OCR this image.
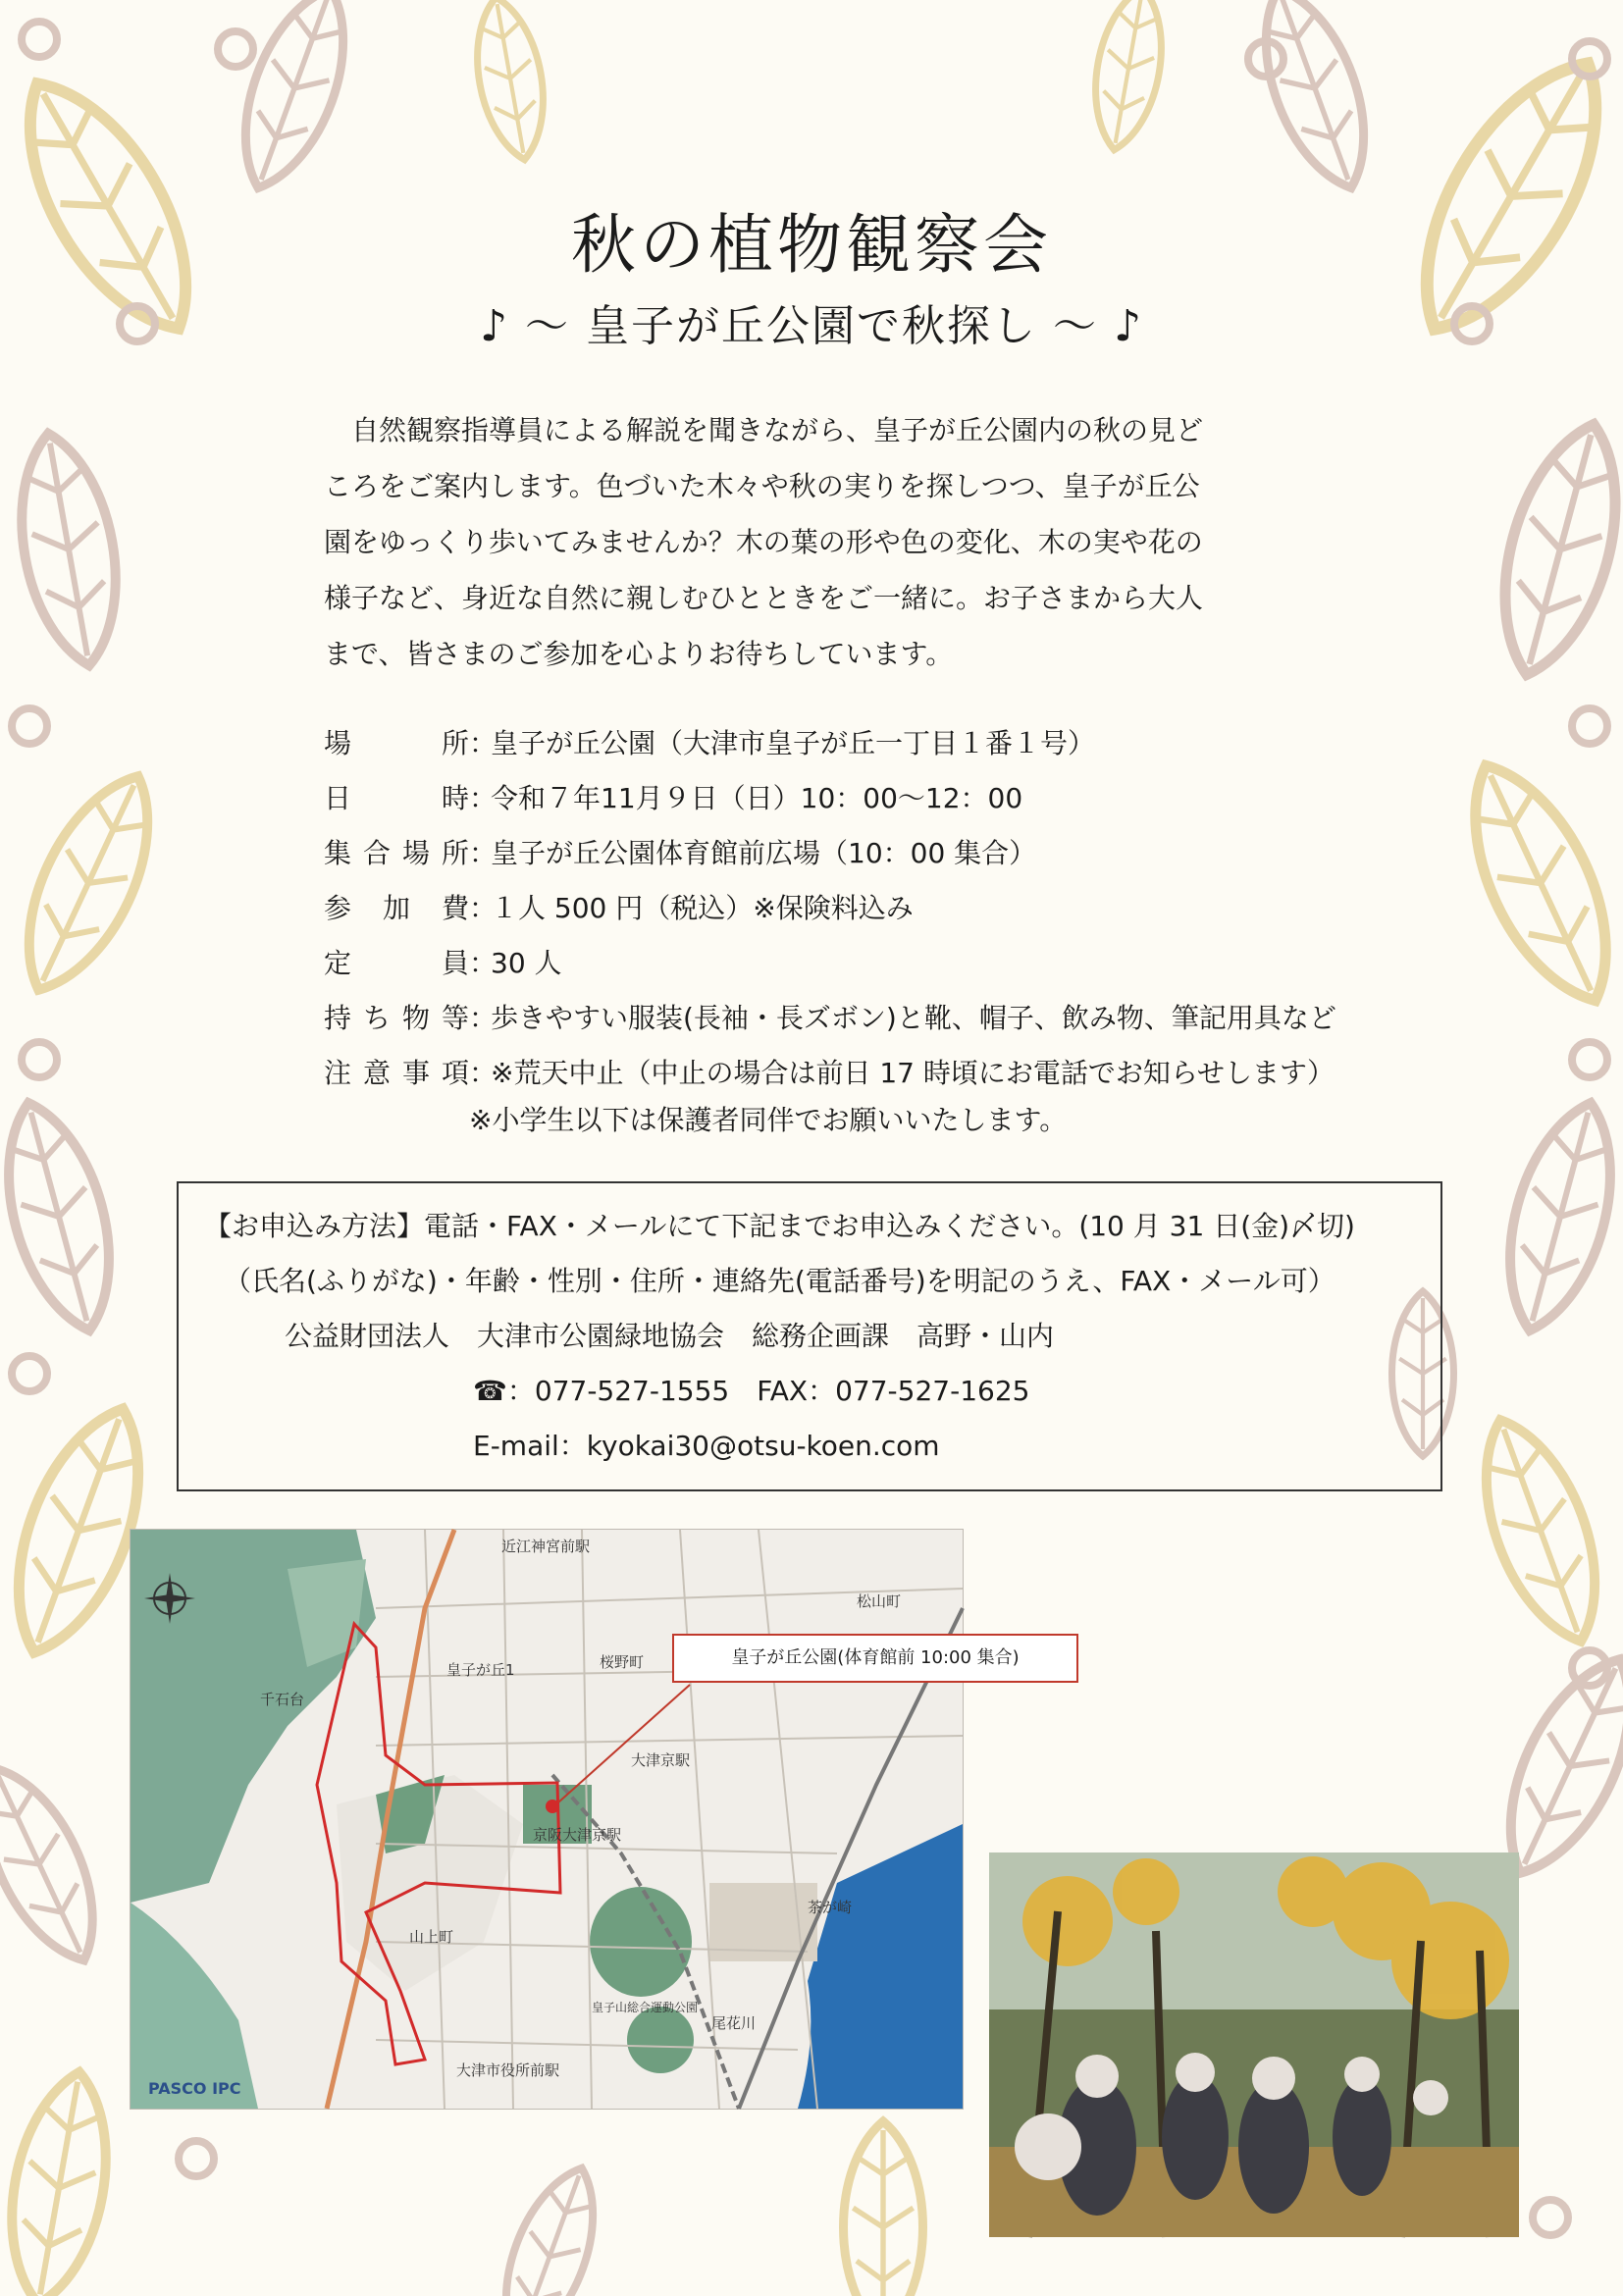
秋の植物観察会
♪ ～ 皇子が丘公園で秋探し ～ ♪
　自然観察指導員による解説を聞きながら、皇子が丘公園内の秋の見ど
ころをご案内します。色づいた木々や秋の実りを探しつつ、皇子が丘公
園をゆっくり歩いてみませんか？木の葉の形や色の変化、木の実や花の
様子など、身近な自然に親しむひとときをご一緒に。お子さまから大人
まで、皆さまのご参加を心よりお待ちしています。
場所 ：
皇子が丘公園（大津市皇子が丘一丁目１番１号）
日時 ：
令和７年11月９日（日）10：00～12：00
集合場所 ：
皇子が丘公園体育館前広場（10：00 集合）
参加費 ：
１人 500 円（税込）※保険料込み
定員 ：
30 人
持ち物等 ：
歩きやすい服装(長袖・長ズボン)と靴、帽子、飲み物、筆記用具など
注意事項 ：
※荒天中止（中止の場合は前日 17 時頃にお電話でお知らせします）
※小学生以下は保護者同伴でお願いいたします。
【お申込み方法】電話・FAX・メールにて下記までお申込みください。(10 月 31 日(金)〆切)
（氏名(ふりがな)・年齢・性別・住所・連絡先(電話番号)を明記のうえ、FAX・メール可）
公益財団法人　大津市公園緑地協会　総務企画課　高野・山内
☎：077-527-1555　FAX：077-527-1625
E-mail：kyokai30@otsu-koen.com
近江神宮前駅
皇子が丘1	桜野町
松山町
千石台
大津京駅
京阪大津京駅
山上町
茶が崎
尾花川
大津市役所前駅
皇子山総合運動公園
皇子が丘公園(体育館前 10:00 集合)
PASCO IPC
